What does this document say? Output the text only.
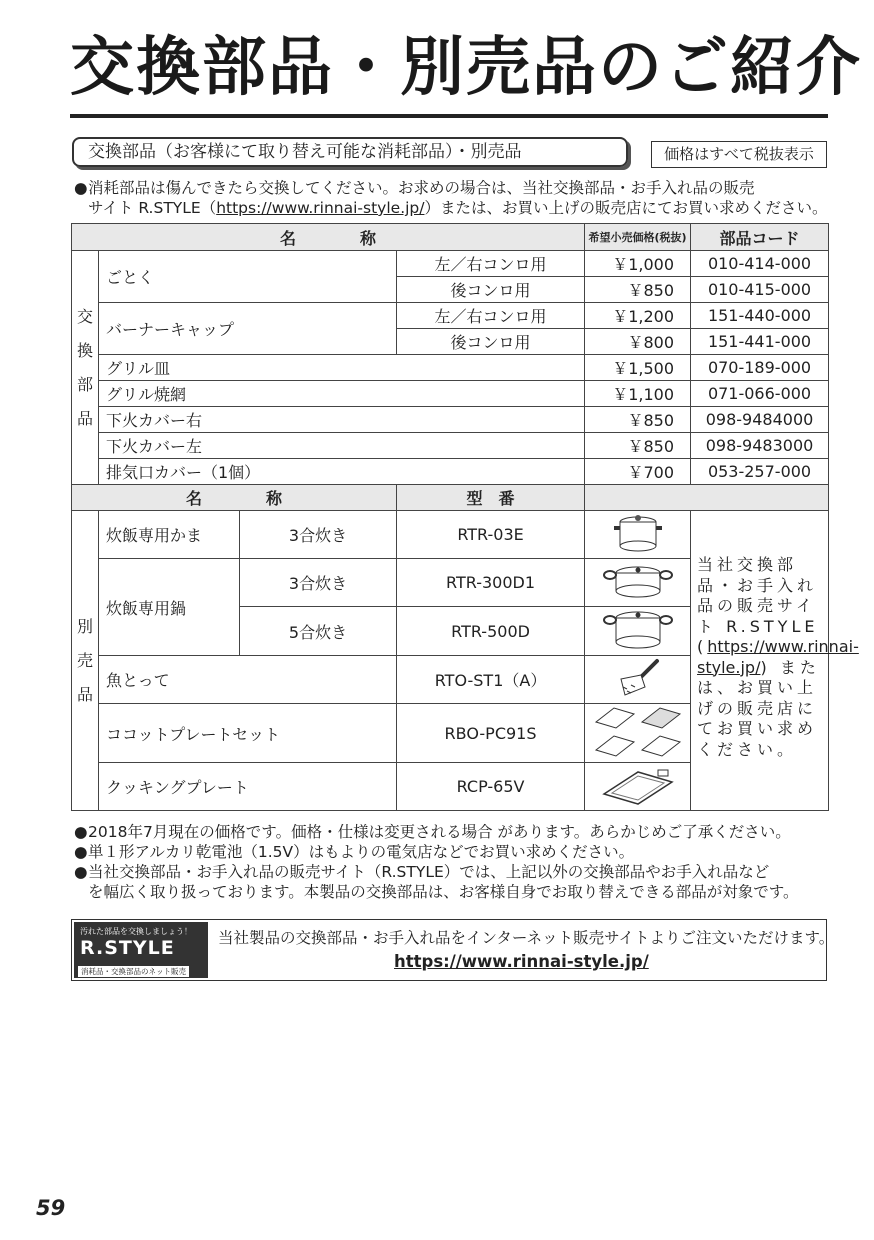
交換部品・別売品のご紹介
交換部品（お客様にて取り替え可能な消耗部品）・別売品	価格はすべて税抜表示
●消耗部品は傷んできたら交換してください。お求めの場合は、当社交換部品・お手入れ品の販売
サイト R.STYLE（https://www.rinnai-style.jp/）または、お買い上げの販売店にてお買い求めください。
名　　　　称			希望小売価格(税抜)	部品コード
交
換
部
品	ごとく	左／右コンロ用	￥1,000	010-414-000
		後コンロ用	￥850	010-415-000
	バーナーキャップ	左／右コンロ用	￥1,200	151-440-000
		後コンロ用	￥800	151-441-000
	グリル皿		￥1,500	070-189-000
	グリル焼網		￥1,100	071-066-000
	下火カバー右		￥850	098-9484000
	下火カバー左		￥850	098-9483000
	排気口カバー（1個）		￥700	053-257-000
名　　　　称			型　番		
別
売
品	炊飯専用かま	3合炊き	RTR-03E		当社交換部品・お手入れ品の販売サイト R.STYLE (https://www.rinnai-style.jp/) または、お買い上げの販売店にてお買い求めください。

	炊飯専用鍋	3合炊き	RTR-300D1	
		5合炊き	RTR-500D	
	魚とって		RTO-ST1（A）	
	ココットプレートセット		RBO-PC91S	
	クッキングプレート		RCP-65V	
●2018年7月現在の価格です。価格・仕様は変更される場合 があります。あらかじめご了承ください。
●単１形アルカリ乾電池（1.5V）はもよりの電気店などでお買い求めください。
●当社交換部品・お手入れ品の販売サイト（R.STYLE）では、上記以外の交換部品やお手入れ品など
を幅広く取り扱っております。本製品の交換部品は、お客様自身でお取り替えできる部品が対象です。
汚れた部品を交換しましょう！
R.STYLE
消耗品・交換部品のネット販売
当社製品の交換部品・お手入れ品をインターネット販売サイトよりご注文いただけます。
https://www.rinnai-style.jp/
59
